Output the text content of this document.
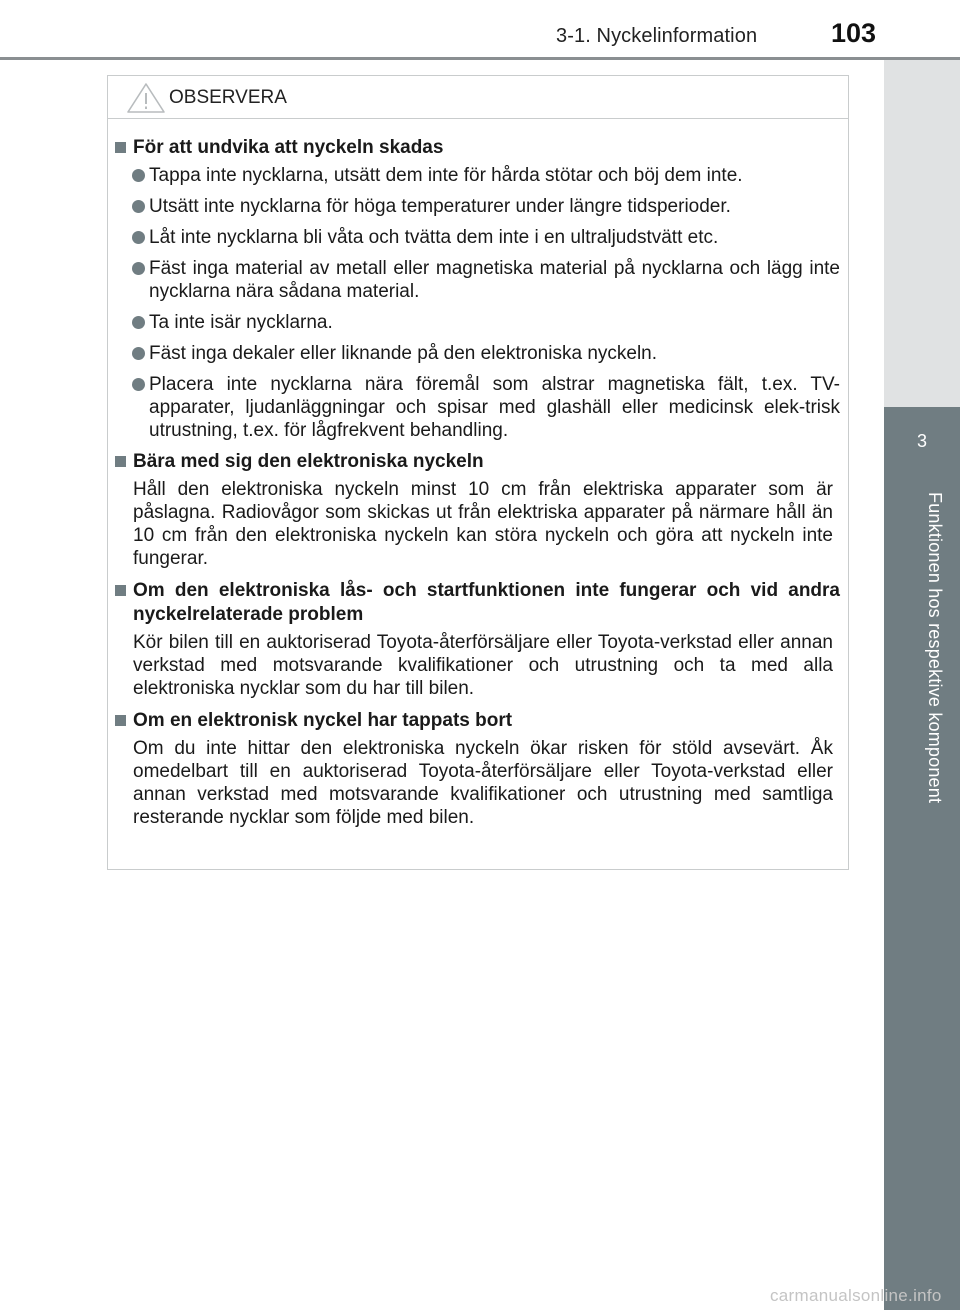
3-1. Nyckelinformation	103
3
Funktionen hos respektive komponent
OBSERVERA
För att undvika att nyckeln skadas
Tappa inte nycklarna, utsätt dem inte för hårda stötar och böj dem inte.
Utsätt inte nycklarna för höga temperaturer under längre tidsperioder.
Låt inte nycklarna bli våta och tvätta dem inte i en ultraljudstvätt etc.
Fäst inga material av metall eller magnetiska material på nycklarna och lägg inte nycklarna nära sådana material.
Ta inte isär nycklarna.
Fäst inga dekaler eller liknande på den elektroniska nyckeln.
Placera inte nycklarna nära föremål som alstrar magnetiska fält, t.ex. TV-apparater, ljudanläggningar och spisar med glashäll eller medicinsk elek-trisk utrustning, t.ex. för lågfrekvent behandling.
Bära med sig den elektroniska nyckeln
Håll den elektroniska nyckeln minst 10 cm från elektriska apparater som är påslagna. Radiovågor som skickas ut från elektriska apparater på närmare håll än 10 cm från den elektroniska nyckeln kan störa nyckeln och göra att nyckeln inte fungerar.
Om den elektroniska lås- och startfunktionen inte fungerar och vid andra nyckelrelaterade problem
Kör bilen till en auktoriserad Toyota-återförsäljare eller Toyota-verkstad eller annan verkstad med motsvarande kvalifikationer och utrustning och ta med alla elektroniska nycklar som du har till bilen.
Om en elektronisk nyckel har tappats bort
Om du inte hittar den elektroniska nyckeln ökar risken för stöld avsevärt. Åk omedelbart till en auktoriserad Toyota-återförsäljare eller Toyota-verkstad eller annan verkstad med motsvarande kvalifikationer och utrustning med samtliga resterande nycklar som följde med bilen.
carmanualsonline.info
